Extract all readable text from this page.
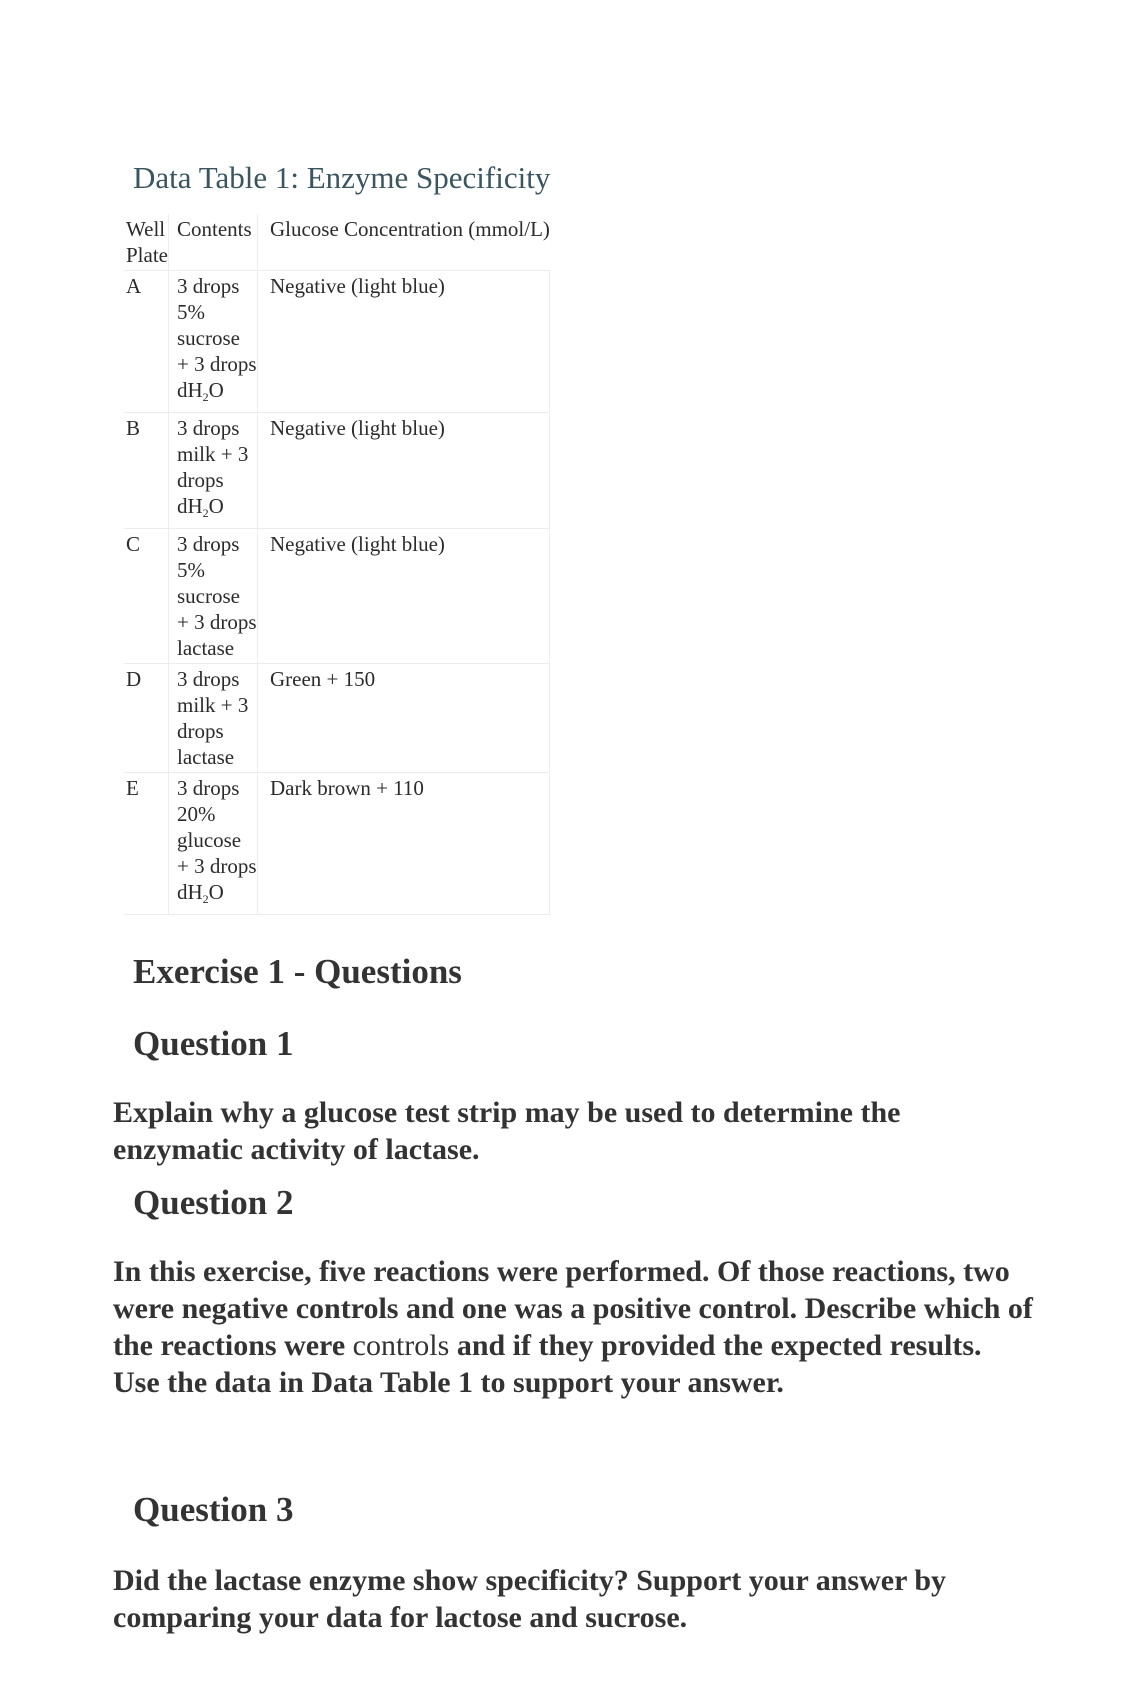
Data Table 1: Enzyme Specificity
Well Plate	Contents	Glucose Concentration (mmol/L)
A	3 drops 5% sucrose + 3 drops $dH_2O$	Negative (light blue)
B	3 drops milk + 3 drops $dH_2O$	Negative (light blue)
C	3 drops 5% sucrose + 3 drops lactase	Negative (light blue)
D	3 drops milk + 3 drops lactase	Green + 150
E	3 drops 20% glucose + 3 drops $dH_2O$	Dark brown + 110
Exercise 1 - Questions
Question 1

Explain why a glucose test strip may be used to determine the enzymatic activity of lactase.

Question 2

In this exercise, five reactions were performed. Of those reactions, two were negative controls and one was a positive control. Describe which of the reactions were controls and if they provided the expected results. Use the data in Data Table 1 to support your answer.

Question 3

Did the lactase enzyme show specificity? Support your answer by comparing your data for lactose and sucrose.
